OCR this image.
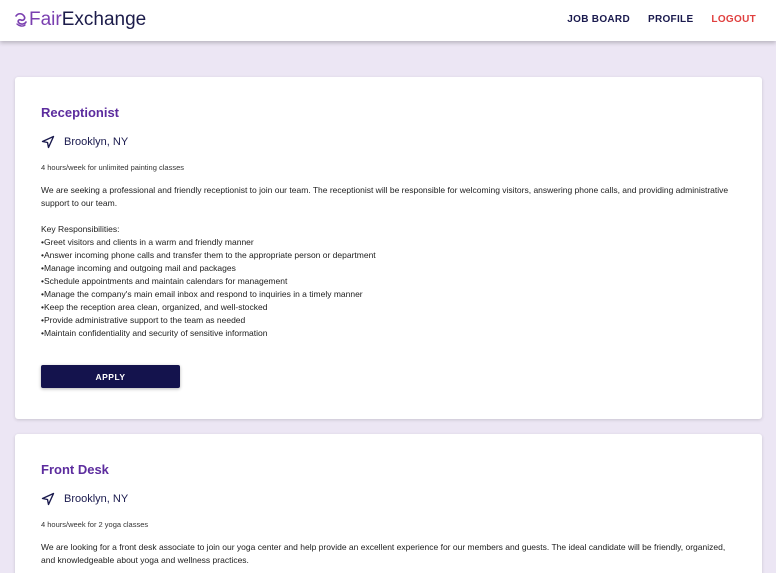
Fair Exchange	JOB BOARD PROFILE LOGOUT
Receptionist
Brooklyn, NY
4 hours/week for unlimited painting classes
We are seeking a professional and friendly receptionist to join our team. The receptionist will be responsible for welcoming visitors, answering phone calls, and providing administrative support to our team.
Key Responsibilities:
• Greet visitors and clients in a warm and friendly manner
• Answer incoming phone calls and transfer them to the appropriate person or department
• Manage incoming and outgoing mail and packages
• Schedule appointments and maintain calendars for management
• Manage the company's main email inbox and respond to inquiries in a timely manner
• Keep the reception area clean, organized, and well-stocked
• Provide administrative support to the team as needed
• Maintain confidentiality and security of sensitive information
APPLY
Front Desk
Brooklyn, NY
4 hours/week for 2 yoga classes
We are looking for a front desk associate to join our yoga center and help provide an excellent experience for our members and guests. The ideal candidate will be friendly, organized, and knowledgeable about yoga and wellness practices.
